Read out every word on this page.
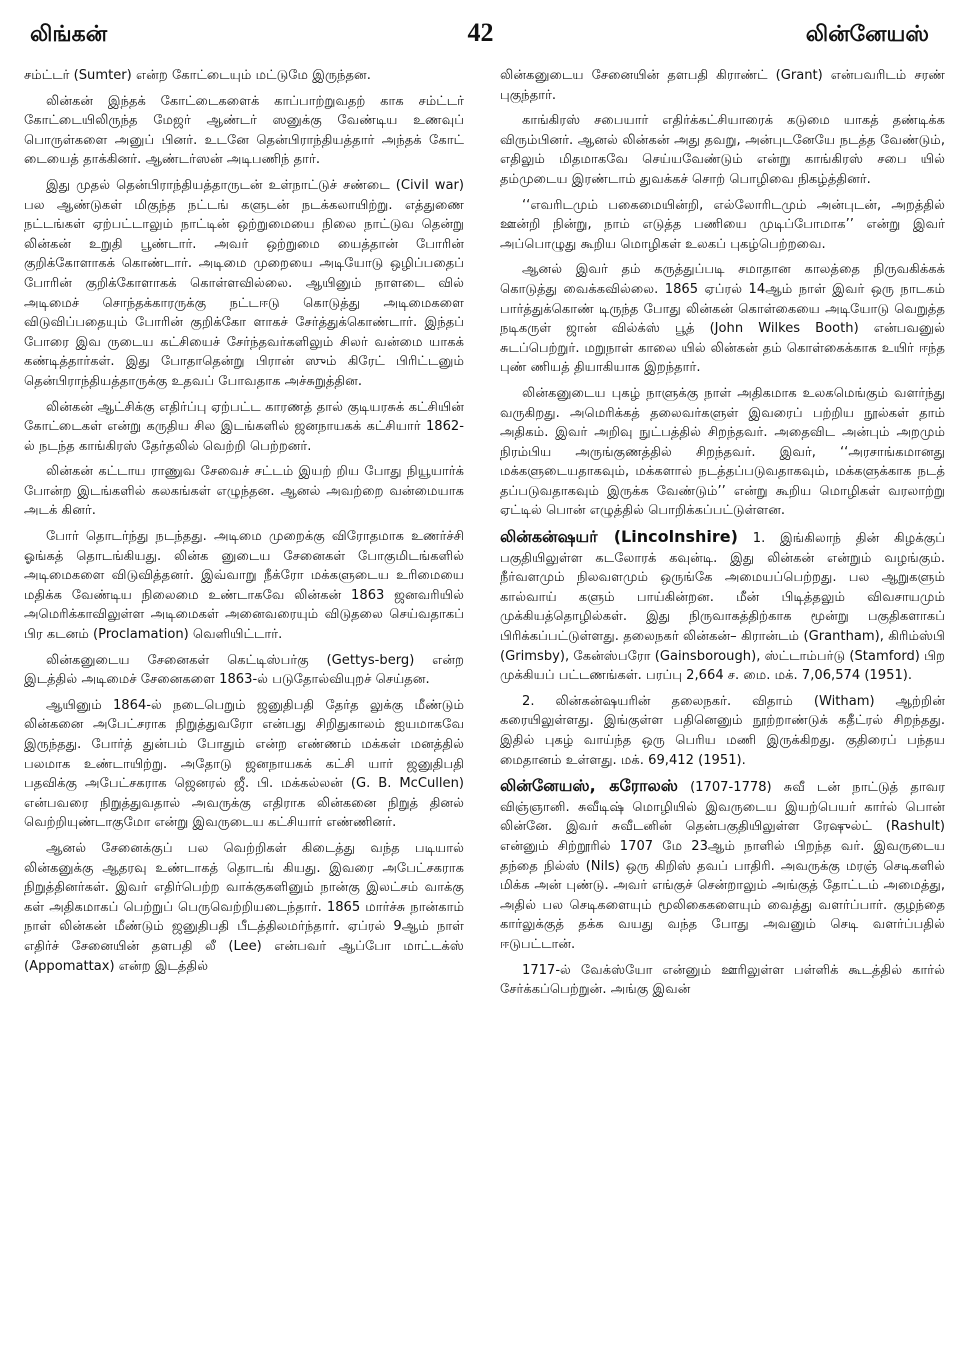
லிங்கன்	42	லின்னேயஸ்

சம்ட்டர் (Sumter) என்ற கோட்டையும் மட்டுமே இருந்தன.

லின்கன் இந்தக் கோட்டைகளைக் காப்பாற்றுவதற் காக சம்ட்டர் கோட்டையிலிருந்த மேஜர் ஆண்டர் ஸனுக்கு வேண்டிய உணவுப் பொருள்களை அனுப் பினர். உடனே தென்பிராந்தியத்தார் அந்தக் கோட் டையைத் தாக்கினர். ஆண்டர்ஸன் அடிபணிந் தார்.

இது முதல் தென்பிராந்தியத்தாருடன் உள்நாட்டுச் சண்டை (Civil war) பல ஆண்டுகள் மிகுந்த நட்டங் களுடன் நடக்கலாயிற்று. எத்துணை நட்டங்கள் ஏற்பட்டாலும் நாட்டின் ஒற்றுமையை நிலை நாட்டுவ தென்று லின்கன் உறுதி பூண்டார். அவர் ஒற்றுமை யைத்தான் போரின் குறிக்கோளாகக் கொண்டார். அடிமை முறையை அடியோடு ஒழிப்பதைப் போரின் குறிக்கோளாகக் கொள்ளவில்லை. ஆயினும் நாளடை வில் அடிமைச் சொந்தக்காரருக்கு நட்டஈடு கொடுத்து அடிமைகளை விடுவிப்பதையும் போரின் குறிக்கோ ளாகச் சேர்த்துக்கொண்டார். இந்தப் போரை இவ ருடைய கட்சியைச் சேர்ந்தவர்களிலும் சிலர் வன்மை யாகக் கண்டித்தார்கள். இது போதாதென்று பிரான் ஸும் கிரேட் பிரிட்டனும் தென்பிராந்தியத்தாருக்கு உதவப் போவதாக அச்சுறுத்தின.

லின்கன் ஆட்சிக்கு எதிர்ப்பு ஏற்பட்ட காரணத் தால் குடியரசுக் கட்சியின் கோட்டைகள் என்று கருதிய சில இடங்களில் ஜனநாயகக் கட்சியார் 1862-ல் நடந்த காங்கிரஸ் தேர்தலில் வெற்றி பெற்றனர்.

லின்கன் கட்டாய ராணுவ சேவைச் சட்டம் இயற் றிய போது நியூயார்க் போன்ற இடங்களில் கலகங்கள் எழுந்தன. ஆனல் அவற்றை வன்மையாக அடக் கினர்.

போர் தொடர்ந்து நடந்தது. அடிமை முறைக்கு விரோதமாக உணர்ச்சி ஓங்கத் தொடங்கியது. லின்க னுடைய சேனைகள் போகுமிடங்களில் அடிமைகளை விடுவித்தனர். இவ்வாறு நீக்ரோ மக்களுடைய உரிமையை மதிக்க வேண்டிய நிலைமை உண்டாகவே லின்கன் 1863 ஜனவரியில் அமெரிக்காவிலுள்ள அடிமைகள் அனைவரையும் விடுதலை செய்வதாகப் பிர கடனம் (Proclamation) வெளியிட்டார்.

லின்கனுடைய சேனைகள் கெட்டிஸ்பர்கு (Gettys-berg) என்ற இடத்தில் அடிமைச் சேனைகளை 1863-ல் படுதோல்வியுறச் செய்தன.

ஆயினும் 1864-ல் நடைபெறும் ஜனுதிபதி தேர்த லுக்கு மீண்டும் லின்கனை அபேட்சராக நிறுத்துவரோ என்பது சிறிதுகாலம் ஐயமாகவே இருந்தது. போர்த் துன்பம் போதும் என்ற எண்ணம் மக்கள் மனத்தில் பலமாக உண்டாயிற்று. அதோடு ஜனநாயகக் கட்சி யார் ஜனுதிபதி பதவிக்கு அபேட்சகராக ஜெனரல் ஜீ. பி. மக்கல்லன் (G. B. McCullen) என்பவரை நிறுத்துவதால் அவருக்கு எதிராக லின்கனை நிறுத் தினல் வெற்றியுண்டாகுமோ என்று இவருடைய கட்சியார் எண்ணினர்.

ஆனல் சேனைக்குப் பல வெற்றிகள் கிடைத்து வந்த படியால் லின்கனுக்கு ஆதரவு உண்டாகத் தொடங் கியது. இவரை அபேட்சகராக நிறுத்தினர்கள். இவர் எதிர்பெற்ற வாக்குகளினும் நான்கு இலட்சம் வாக்கு கள் அதிகமாகப் பெற்றுப் பெருவெற்றியடைந்தார். 1865 மார்ச்சு நான்காம் நாள் லின்கன் மீண்டும் ஜனுதிபதி பீடத்திலமர்ந்தார். ஏப்ரல் 9ஆம் நாள் எதிர்ச் சேனையின் தளபதி லீ (Lee) என்பவர் ஆப்போ மாட்டக்ஸ் (Appomattax) என்ற இடத்தில்

லின்கனுடைய சேனையின் தளபதி கிராண்ட் (Grant) என்பவரிடம் சரண் புகுந்தார்.

காங்கிரஸ் சபையார் எதிர்க்கட்சியாரைக் கடுமை யாகத் தண்டிக்க விரும்பினர். ஆனல் லின்கன் அது தவறு, அன்புடனேயே நடத்த வேண்டும், எதிலும் மிதமாகவே செய்யவேண்டும் என்று காங்கிரஸ் சபை யில் தம்முடைய இரண்டாம் துவக்கச் சொற் பொழிவை நிகழ்த்தினர்.

‘‘எவரிடமும் பகைமையின்றி, எல்லோரிடமும் அன்புடன், அறத்தில் ஊன்றி நின்று, நாம் எடுத்த பணியை முடிப்போமாக’’ என்று இவர் அப்பொழுது கூறிய மொழிகள் உலகப் புகழ்பெற்றவை.

ஆனல் இவர் தம் கருத்துப்படி சமாதான காலத்தை நிருவகிக்கக் கொடுத்து வைக்கவில்லை. 1865 ஏப்ரல் 14ஆம் நாள் இவர் ஒரு நாடகம் பார்த்துக்கொண் டிருந்த போது லின்கன் கொள்கையை அடியோடு வெறுத்த நடிகருள் ஜான் வில்க்ஸ் பூத் (John Wilkes Booth) என்பவனுல் சுடப்பெற்றுர். மறுநாள் காலை யில் லின்கன் தம் கொள்கைக்காக உயிர் ஈந்த புண் ணியத் தியாகியாக இறந்தார்.

லின்கனுடைய புகழ் நாளுக்கு நாள் அதிகமாக உலகமெங்கும் வளர்ந்து வருகிறது. அமெரிக்கத் தலைவர்களுள் இவரைப் பற்றிய நூல்கள் தாம் அதிகம். இவர் அறிவு நுட்பத்தில் சிறந்தவர். அதைவிட அன்பும் அறமும் நிரம்பிய அருங்குணத்தில் சிறந்தவர். இவர், ‘‘அரசாங்கமானது மக்களுடையதாகவும், மக்களால் நடத்தப்படுவதாகவும், மக்களுக்காக நடத் தப்படுவதாகவும் இருக்க வேண்டும்’’ என்று கூறிய மொழிகள் வரலாற்று ஏட்டில் பொன் எழுத்தில் பொறிக்கப்பட்டுள்ளன.

லின்கன்ஷயர் (Lincolnshire) 1. இங்கிலாந் தின் கிழக்குப் பகுதியிலுள்ள கடலோரக் கவுன்டி. இது லின்கன் என்றும் வழங்கும். நீர்வளமும் நிலவளமும் ஒருங்கே அமையப்பெற்றது. பல ஆறுகளும் கால்வாய் களும் பாய்கின்றன. மீன் பிடித்தலும் விவசாயமும் முக்கியத்தொழில்கள். இது நிருவாகத்திற்காக மூன்று பகுதிகளாகப் பிரிக்கப்பட்டுள்ளது. தலைநகர் லின்கன்– கிரான்டம் (Grantham), கிரிம்ஸ்பி (Grimsby), கேன்ஸ்பரோ (Gainsborough), ஸ்ட்டாம்பர்டு (Stamford) பிற முக்கியப் பட்டணங்கள். பரப்பு 2,664 ச. மை. மக். 7,06,574 (1951).

2. லின்கன்ஷயரின் தலைநகர். விதாம் (Witham) ஆற்றின் கரையிலுள்ளது. இங்குள்ள பதினெனும் நூற்றாண்டுக் கதீட்ரல் சிறந்தது. இதில் புகழ் வாய்ந்த ஒரு பெரிய மணி இருக்கிறது. குதிரைப் பந்தய மைதானம் உள்ளது. மக். 69,412 (1951).

லின்னேயஸ், கரோலஸ் (1707-1778) சுவீ டன் நாட்டுத் தாவர விஞ்ஞானி. சுவீடிஷ் மொழியில் இவருடைய இயற்பெயர் கார்ல் பொன் லின்னே. இவர் சுவீடனின் தென்பகுதியிலுள்ள ரேஷுல்ட் (Rashult) என்னும் சிற்றூரில் 1707 மே 23ஆம் நாளில் பிறந்த வர். இவருடைய தந்தை நில்ஸ் (Nils) ஒரு கிறிஸ் தவப் பாதிரி. அவருக்கு மரஞ் செடிகளில் மிக்க அன் புண்டு. அவர் எங்குச் சென்றாலும் அங்குத் தோட்டம் அமைத்து, அதில் பல செடிகளையும் மூலிகைகளையும் வைத்து வளர்ப்பார். குழந்தை கார்லுக்குத் தக்க வயது வந்த போது அவனும் செடி வளர்ப்பதில் ஈடுபட்டான்.

1717-ல் வேக்ஸ்யோ என்னும் ஊரிலுள்ள பள்ளிக் கூடத்தில் கார்ல் சேர்க்கப்பெற்றுன். அங்கு இவன்
